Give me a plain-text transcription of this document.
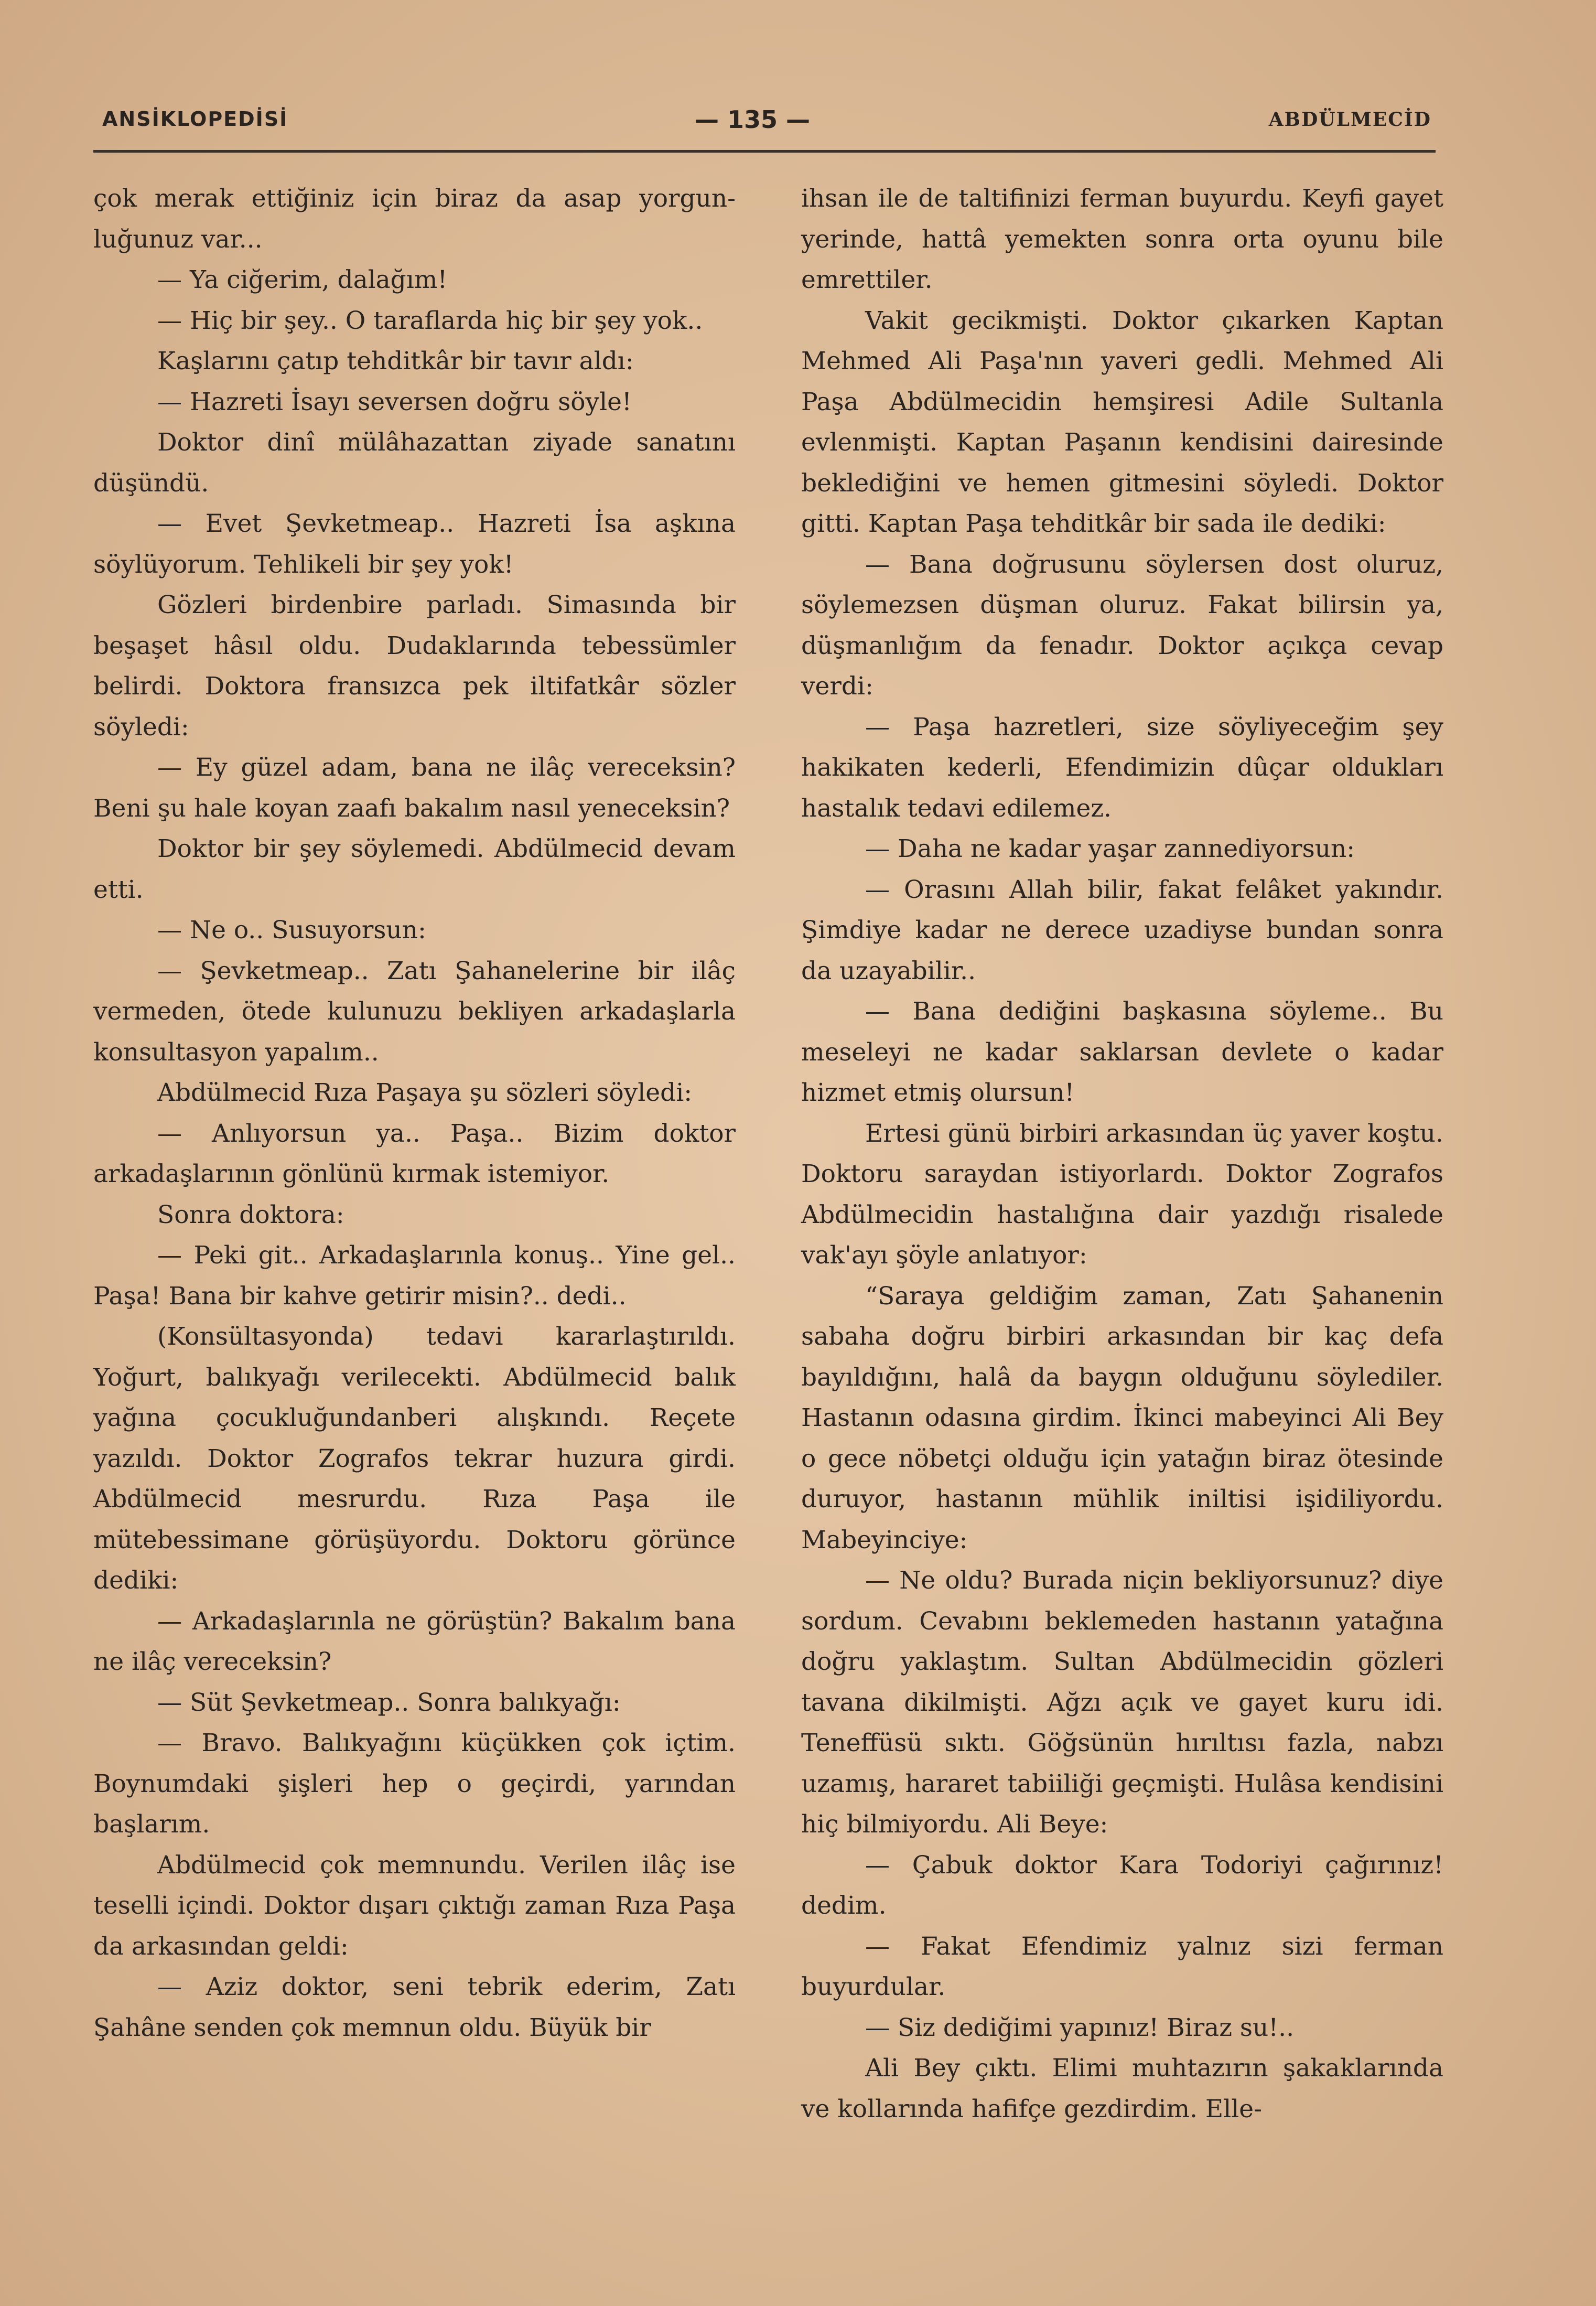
ANSİKLOPEDİSİ	— 135 —	ABDÜLMECİD

çok merak ettiğiniz için biraz da asap yorgun-luğunuz var...

— Ya ciğerim, dalağım!

— Hiç bir şey.. O taraflarda hiç bir şey yok..

Kaşlarını çatıp tehditkâr bir tavır aldı:

— Hazreti İsayı seversen doğru söyle!

Doktor dinî mülâhazattan ziyade sanatını düşündü.

— Evet Şevketmeap.. Hazreti İsa aşkına söylüyorum. Tehlikeli bir şey yok!

Gözleri birdenbire parladı. Simasında bir beşaşet hâsıl oldu. Dudaklarında tebessümler belirdi. Doktora fransızca pek iltifatkâr sözler söyledi:

— Ey güzel adam, bana ne ilâç vereceksin? Beni şu hale koyan zaafı bakalım nasıl yeneceksin?

Doktor bir şey söylemedi. Abdülmecid devam etti.

— Ne o.. Susuyorsun:

— Şevketmeap.. Zatı Şahanelerine bir ilâç vermeden, ötede kulunuzu bekliyen arkadaşlarla konsultasyon yapalım..

Abdülmecid Rıza Paşaya şu sözleri söyledi:

— Anlıyorsun ya.. Paşa.. Bizim doktor arkadaşlarının gönlünü kırmak istemiyor.

Sonra doktora:

— Peki git.. Arkadaşlarınla konuş.. Yine gel.. Paşa! Bana bir kahve getirir misin?.. dedi..

(Konsültasyonda) tedavi kararlaştırıldı. Yoğurt, balıkyağı verilecekti. Abdülmecid balık yağına çocukluğundanberi alışkındı. Reçete yazıldı. Doktor Zografos tekrar huzura girdi. Abdülmecid mesrurdu. Rıza Paşa ile mütebessimane görüşüyordu. Doktoru görünce dediki:

— Arkadaşlarınla ne görüştün? Bakalım bana ne ilâç vereceksin?

— Süt Şevketmeap.. Sonra balıkyağı:

— Bravo. Balıkyağını küçükken çok içtim. Boynumdaki şişleri hep o geçirdi, yarından başlarım.

Abdülmecid çok memnundu. Verilen ilâç ise teselli içindi. Doktor dışarı çıktığı zaman Rıza Paşa da arkasından geldi:

— Aziz doktor, seni tebrik ederim, Zatı Şahâne senden çok memnun oldu. Büyük bir

ihsan ile de taltifinizi ferman buyurdu. Keyfi gayet yerinde, hattâ yemekten sonra orta oyunu bile emrettiler.

Vakit gecikmişti. Doktor çıkarken Kaptan Mehmed Ali Paşa'nın yaveri gedli. Mehmed Ali Paşa Abdülmecidin hemşiresi Adile Sultanla evlenmişti. Kaptan Paşanın kendisini dairesinde beklediğini ve hemen gitmesini söyledi. Doktor gitti. Kaptan Paşa tehditkâr bir sada ile dediki:

— Bana doğrusunu söylersen dost oluruz, söylemezsen düşman oluruz. Fakat bilirsin ya, düşmanlığım da fenadır. Doktor açıkça cevap verdi:

— Paşa hazretleri, size söyliyeceğim şey hakikaten kederli, Efendimizin dûçar oldukları hastalık tedavi edilemez.

— Daha ne kadar yaşar zannediyorsun:

— Orasını Allah bilir, fakat felâket yakındır. Şimdiye kadar ne derece uzadiyse bundan sonra da uzayabilir..

— Bana dediğini başkasına söyleme.. Bu meseleyi ne kadar saklarsan devlete o kadar hizmet etmiş olursun!

Ertesi günü birbiri arkasından üç yaver koştu. Doktoru saraydan istiyorlardı. Doktor Zografos Abdülmecidin hastalığına dair yazdığı risalede vak'ayı şöyle anlatıyor:

“Saraya geldiğim zaman, Zatı Şahanenin sabaha doğru birbiri arkasından bir kaç defa bayıldığını, halâ da baygın olduğunu söylediler. Hastanın odasına girdim. İkinci mabeyinci Ali Bey o gece nöbetçi olduğu için yatağın biraz ötesinde duruyor, hastanın mühlik iniltisi işidiliyordu. Mabeyinciye:

— Ne oldu? Burada niçin bekliyorsunuz? diye sordum. Cevabını beklemeden hastanın yatağına doğru yaklaştım. Sultan Abdülmecidin gözleri tavana dikilmişti. Ağzı açık ve gayet kuru idi. Teneffüsü sıktı. Göğsünün hırıltısı fazla, nabzı uzamış, hararet tabiiliği geçmişti. Hulâsa kendisini hiç bilmiyordu. Ali Beye:

— Çabuk doktor Kara Todoriyi çağırınız! dedim.

— Fakat Efendimiz yalnız sizi ferman buyurdular.

— Siz dediğimi yapınız! Biraz su!..

Ali Bey çıktı. Elimi muhtazırın şakaklarında ve kollarında hafifçe gezdirdim. Elle-
